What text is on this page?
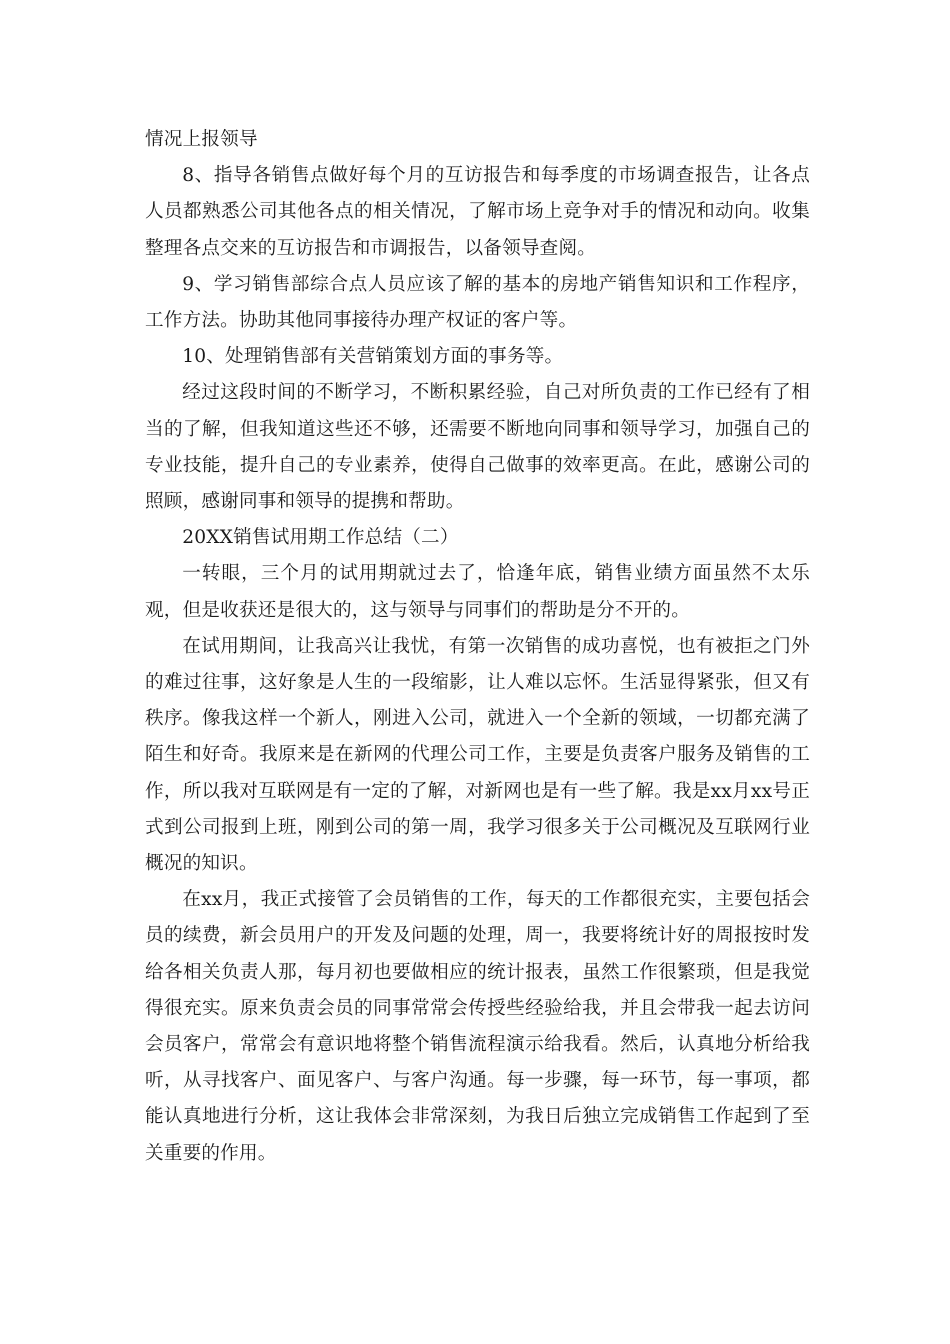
情况上报领导

8、指导各销售点做好每个月的互访报告和每季度的市场调查报告，让各点人员都熟悉公司其他各点的相关情况，了解市场上竞争对手的情况和动向。收集整理各点交来的互访报告和市调报告，以备领导查阅。

9、学习销售部综合点人员应该了解的基本的房地产销售知识和工作程序，工作方法。协助其他同事接待办理产权证的客户等。

10、处理销售部有关营销策划方面的事务等。

经过这段时间的不断学习，不断积累经验，自己对所负责的工作已经有了相当的了解，但我知道这些还不够，还需要不断地向同事和领导学习，加强自己的专业技能，提升自己的专业素养，使得自己做事的效率更高。在此，感谢公司的照顾，感谢同事和领导的提携和帮助。

20XX销售试用期工作总结（二）

一转眼，三个月的试用期就过去了，恰逢年底，销售业绩方面虽然不太乐观，但是收获还是很大的，这与领导与同事们的帮助是分不开的。

在试用期间，让我高兴让我忧，有第一次销售的成功喜悦，也有被拒之门外的难过往事，这好象是人生的一段缩影，让人难以忘怀。生活显得紧张，但又有秩序。像我这样一个新人，刚进入公司，就进入一个全新的领域，一切都充满了陌生和好奇。我原来是在新网的代理公司工作，主要是负责客户服务及销售的工作，所以我对互联网是有一定的了解，对新网也是有一些了解。我是xx月xx号正式到公司报到上班，刚到公司的第一周，我学习很多关于公司概况及互联网行业概况的知识。

在xx月，我正式接管了会员销售的工作，每天的工作都很充实，主要包括会员的续费，新会员用户的开发及问题的处理，周一，我要将统计好的周报按时发给各相关负责人那，每月初也要做相应的统计报表，虽然工作很繁琐，但是我觉得很充实。原来负责会员的同事常常会传授些经验给我，并且会带我一起去访问会员客户，常常会有意识地将整个销售流程演示给我看。然后，认真地分析给我听，从寻找客户、面见客户、与客户沟通。每一步骤，每一环节，每一事项，都能认真地进行分析，这让我体会非常深刻，为我日后独立完成销售工作起到了至关重要的作用。
